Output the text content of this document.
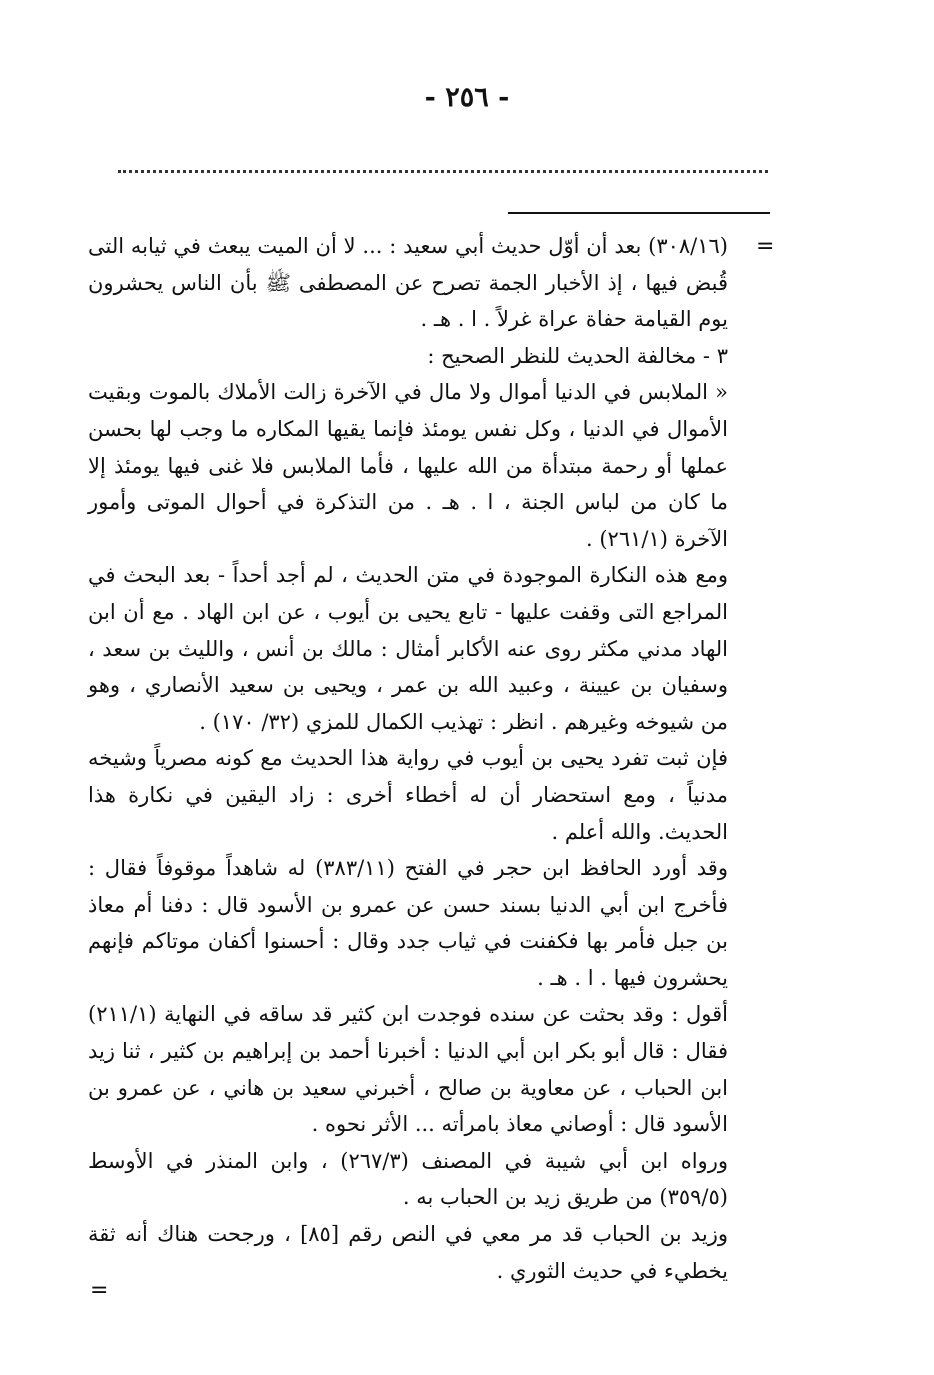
- ٢٥٦ -
=

(٣٠٨/١٦) بعد أن أوّل حديث أبي سعيد : ... لا أن الميت يبعث في ثيابه التى قُبض فيها ، إذ الأخبار الجمة تصرح عن المصطفى ﷺ بأن الناس يحشرون يوم القيامة حفاة عراة غرلاً . ا . هـ .

٣ - مخالفة الحديث للنظر الصحيح :

« الملابس في الدنيا أموال ولا مال في الآخرة زالت الأملاك بالموت وبقيت الأموال في الدنيا ، وكل نفس يومئذ فإنما يقيها المكاره ما وجب لها بحسن عملها أو رحمة مبتدأة من الله عليها ، فأما الملابس فلا غنى فيها يومئذ إلا ما كان من لباس الجنة ، ا . هـ . من التذكرة في أحوال الموتى وأمور الآخرة (٢٦١/١) .

ومع هذه النكارة الموجودة في متن الحديث ، لم أجد أحداً - بعد البحث في المراجع التى وقفت عليها - تابع يحيى بن أيوب ، عن ابن الهاد . مع أن ابن الهاد مدني مكثر روى عنه الأكابر أمثال : مالك بن أنس ، والليث بن سعد ، وسفيان بن عيينة ، وعبيد الله بن عمر ، ويحيى بن سعيد الأنصاري ، وهو من شيوخه وغيرهم . انظر : تهذيب الكمال للمزي (٣٢/ ١٧٠) .

فإن ثبت تفرد يحيى بن أيوب في رواية هذا الحديث مع كونه مصرياً وشيخه مدنياً ، ومع استحضار أن له أخطاء أخرى : زاد اليقين في نكارة هذا الحديث. والله أعلم .

وقد أورد الحافظ ابن حجر في الفتح (٣٨٣/١١) له شاهداً موقوفاً فقال : فأخرج ابن أبي الدنيا بسند حسن عن عمرو بن الأسود قال : دفنا أم معاذ بن جبل فأمر بها فكفنت في ثياب جدد وقال : أحسنوا أكفان موتاكم فإنهم يحشرون فيها . ا . هـ .

أقول : وقد بحثت عن سنده فوجدت ابن كثير قد ساقه في النهاية (٢١١/١) فقال : قال أبو بكر ابن أبي الدنيا : أخبرنا أحمد بن إبراهيم بن كثير ، ثنا زيد ابن الحباب ، عن معاوية بن صالح ، أخبرني سعيد بن هاني ، عن عمرو بن الأسود قال : أوصاني معاذ بامرأته ... الأثر نحوه .

ورواه ابن أبي شيبة في المصنف (٢٦٧/٣) ، وابن المنذر في الأوسط (٣٥٩/٥) من طريق زيد بن الحباب به .

وزيد بن الحباب قد مر معي في النص رقم [٨٥] ، ورجحت هناك أنه ثقة يخطيء في حديث الثوري .

=
